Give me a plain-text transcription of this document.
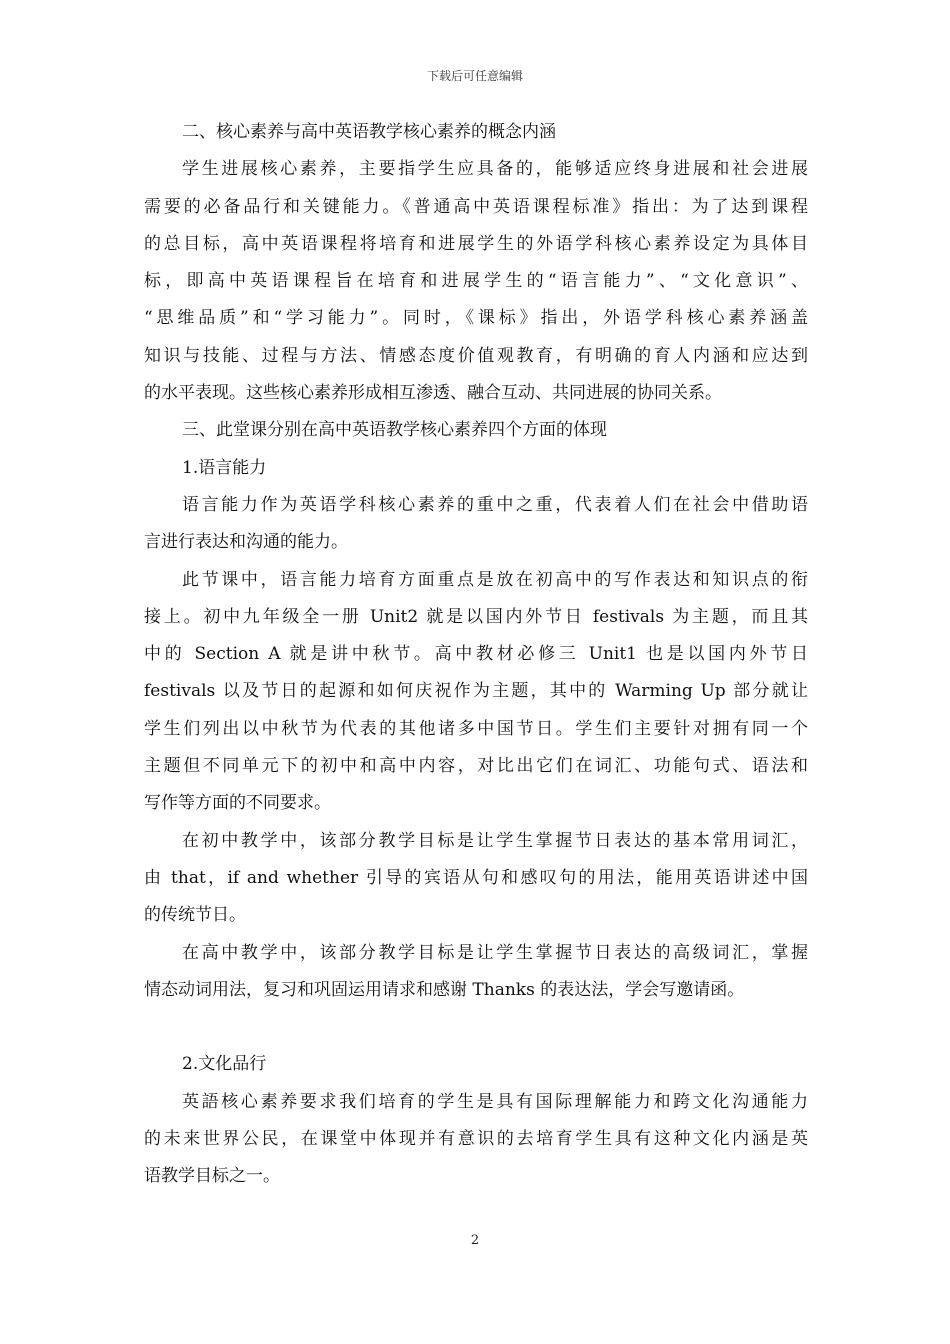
下载后可任意编辑

二、核心素养与高中英语教学核心素养的概念内涵

学生进展核心素养，主要指学生应具备的，能够适应终身进展和社会进展

需要的必备品行和关键能力。《普通高中英语课程标准》指出：为了达到课程

的总目标，高中英语课程将培育和进展学生的外语学科核心素养设定为具体目

标，即高中英语课程旨在培育和进展学生的“语言能力”、“文化意识”、

“思维品质”和“学习能力”。同时，《课标》指出，外语学科核心素养涵盖

知识与技能、过程与方法、情感态度价值观教育，有明确的育人内涵和应达到

的水平表现。这些核心素养形成相互渗透、融合互动、共同进展的协同关系。

三、此堂课分别在高中英语教学核心素养四个方面的体现

1.语言能力

语言能力作为英语学科核心素养的重中之重，代表着人们在社会中借助语

言进行表达和沟通的能力。

此节课中，语言能力培育方面重点是放在初高中的写作表达和知识点的衔

接上。初中九年级全一册 Unit2 就是以国内外节日 festivals 为主题，而且其

中的 Section A 就是讲中秋节。高中教材必修三 Unit1 也是以国内外节日

festivals 以及节日的起源和如何庆祝作为主题，其中的 Warming Up 部分就让

学生们列出以中秋节为代表的其他诸多中国节日。学生们主要针对拥有同一个

主题但不同单元下的初中和高中内容，对比出它们在词汇、功能句式、语法和

写作等方面的不同要求。

在初中教学中，该部分教学目标是让学生掌握节日表达的基本常用词汇，

由 that，if and whether 引导的宾语从句和感叹句的用法，能用英语讲述中国

的传统节日。

在高中教学中，该部分教学目标是让学生掌握节日表达的高级词汇，掌握

情态动词用法，复习和巩固运用请求和感谢 Thanks 的表达法，学会写邀请函。

2.文化品行

英語核心素养要求我们培育的学生是具有国际理解能力和跨文化沟通能力

的未来世界公民，在课堂中体现并有意识的去培育学生具有这种文化内涵是英

语教学目标之一。

2
